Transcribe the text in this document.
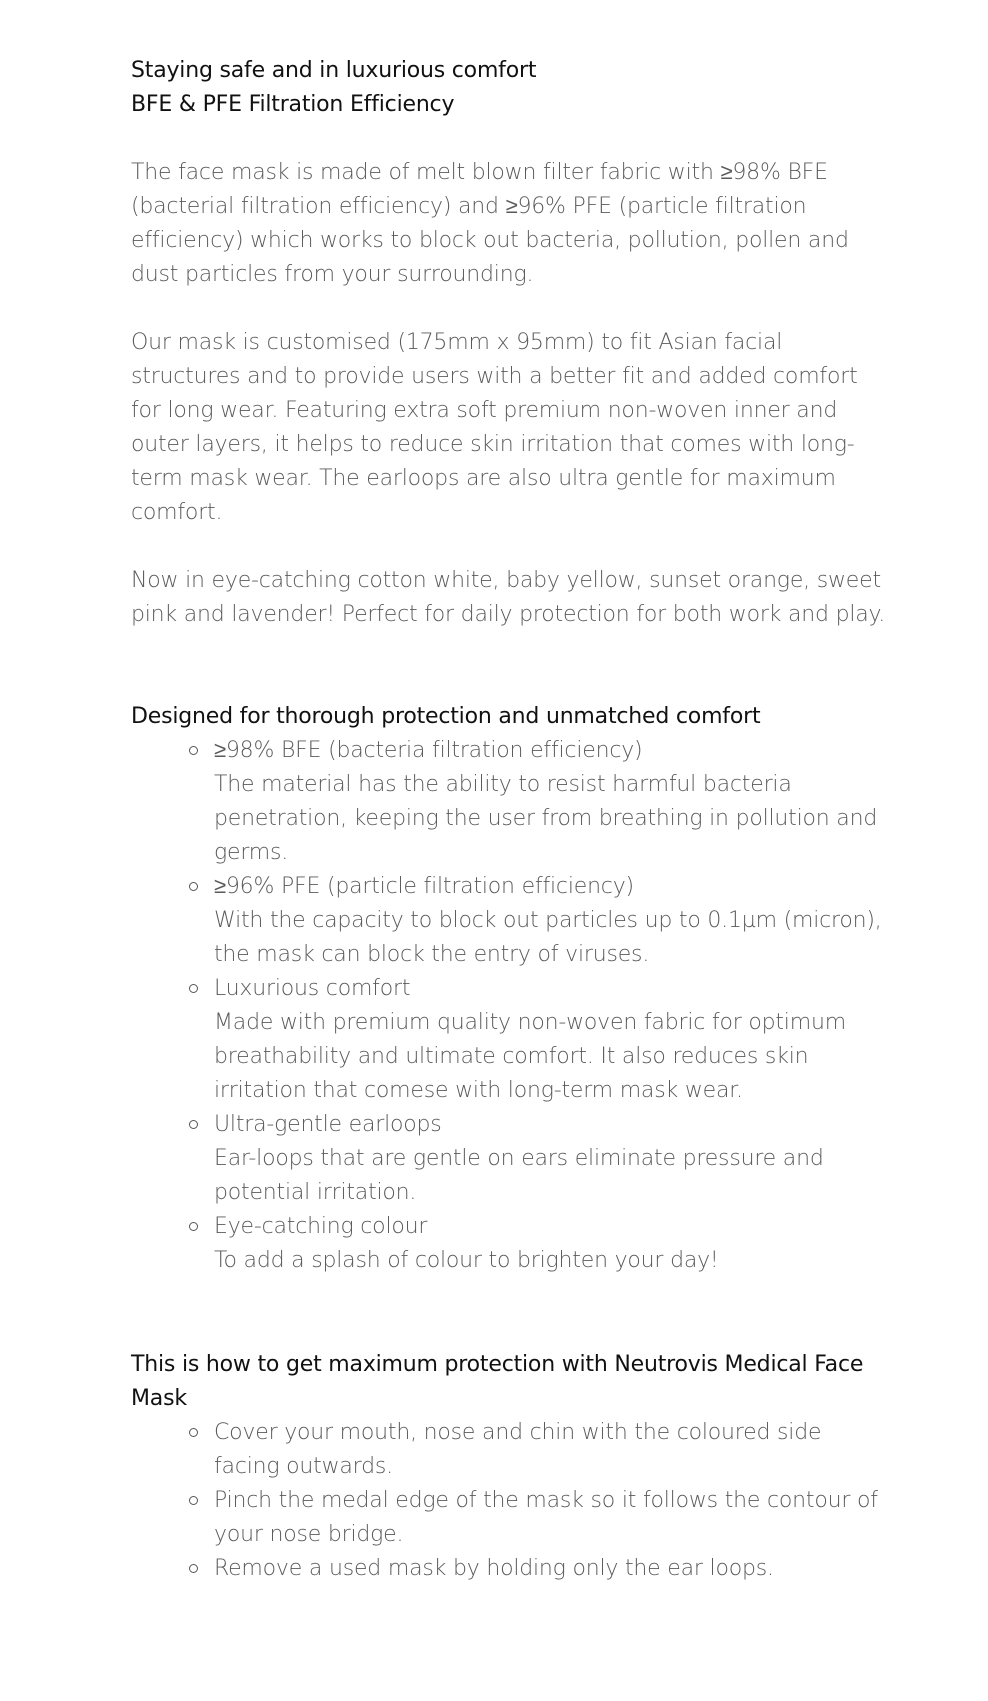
Staying safe and in luxurious comfort

BFE & PFE Filtration Efficiency

The face mask is made of melt blown filter fabric with ≥98% BFE (bacterial filtration efficiency) and ≥96% PFE (particle filtration efficiency) which works to block out bacteria, pollution, pollen and dust particles from your surrounding.

Our mask is customised (175mm x 95mm) to fit Asian facial structures and to provide users with a better fit and added comfort for long wear. Featuring extra soft premium non-woven inner and outer layers, it helps to reduce skin irritation that comes with long-term mask wear. The earloops are also ultra gentle for maximum comfort.

Now in eye-catching cotton white, baby yellow, sunset orange, sweet pink and lavender! Perfect for daily protection for both work and play.

Designed for thorough protection and unmatched comfort

≥98% BFE (bacteria filtration efficiency)
The material has the ability to resist harmful bacteria penetration, keeping the user from breathing in pollution and germs.
≥96% PFE (particle filtration efficiency)
With the capacity to block out particles up to 0.1µm (micron), the mask can block the entry of viruses.
Luxurious comfort
Made with premium quality non-woven fabric for optimum breathability and ultimate comfort. It also reduces skin irritation that comese with long-term mask wear.
Ultra-gentle earloops
Ear-loops that are gentle on ears eliminate pressure and potential irritation.
Eye-catching colour
To add a splash of colour to brighten your day!

This is how to get maximum protection with Neutrovis Medical Face Mask

Cover your mouth, nose and chin with the coloured side facing outwards.
Pinch the medal edge of the mask so it follows the contour of your nose bridge.
Remove a used mask by holding only the ear loops.
